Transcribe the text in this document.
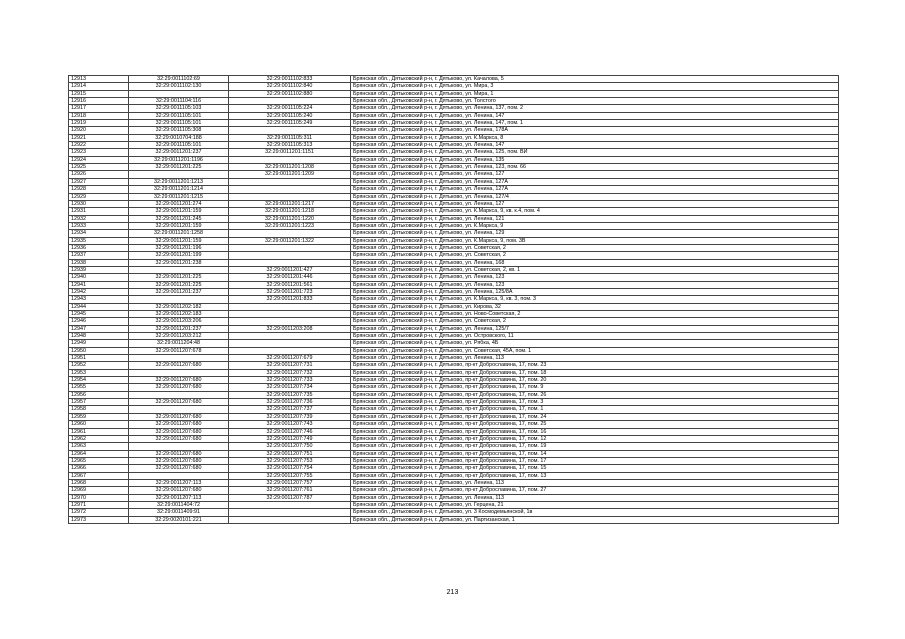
12913	32:29:0011102:69	32:29:0011102:833	Брянская обл., Дятьковский р-н, г. Дятьково, ул. Качалова, 5
12914	32:29:0011102:130	32:29:0011102:840	Брянская обл., Дятьковский р-н, г. Дятьково, ул. Мира, 3
12915		32:29:0011102:880	Брянская обл., Дятьковский р-н, г. Дятьково, ул. Мира, 1
12916	32:29:0011104:116		Брянская обл., Дятьковский р-н, г. Дятьково, ул. Толстого
12917	32:29:0011105:103	32:29:0011105:224	Брянская обл., Дятьковский р-н, г. Дятьково, ул. Ленина, 137, пом. 2
12918	32:29:0011105:101	32:29:0011105:240	Брянская обл., Дятьковский р-н, г. Дятьково, ул. Ленина, 147
12919	32:29:0011105:101	32:29:0011105:249	Брянская обл., Дятьковский р-н, г. Дятьково, ул. Ленина, 147, пом. 1
12920	32:29:0011105:308		Брянская обл., Дятьковский р-н, г. Дятьково, ул. Ленина, 178А
12921	32:29:0010704:188	32:29:0011105:311	Брянская обл., Дятьковский р-н, г. Дятьково, ул. К.Маркса, 8
12922	32:29:0011105:101	32:29:0011105:313	Брянская обл., Дятьковский р-н, г. Дятьково, ул. Ленина, 147
12923	32:29:0011201:237	32:29:0011201:1151	Брянская обл., Дятьковский р-н, г. Дятьково, ул. Ленина, 125, пом. ВИ
12924	32:29:0011201:1196		Брянская обл., Дятьковский р-н, г. Дятьково, ул. Ленина, 135
12925	32:29:0011201:225	32:29:0011201:1208	Брянская обл., Дятьковский р-н, г. Дятьково, ул. Ленина, 123, пом. 66
12926		32:29:0011201:1209	Брянская обл., Дятьковский р-н, г. Дятьково, ул. Ленина, 127
12927	32:29:0011201:1213		Брянская обл., Дятьковский р-н, г. Дятьково, ул. Ленина, 127А
12928	32:29:0011201:1214		Брянская обл., Дятьковский р-н, г. Дятьково, ул. Ленина, 127А
12929	32:29:0011201:1215		Брянская обл., Дятьковский р-н, г. Дятьково, ул. Ленина, 127/4
12930	32:29:0011201:274	32:29:0011201:1217	Брянская обл., Дятьковский р-н, г. Дятьково, ул. Ленина, 127
12931	32:29:0011201:159	32:29:0011201:1218	Брянская обл., Дятьковский р-н, г. Дятьково, ул. К.Маркса, 9, кв. к.4, пом. 4
12932	32:29:0011201:245	32:29:0011201:1220	Брянская обл., Дятьковский р-н, г. Дятьково, ул. Ленина, 121
12933	32:29:0011201:159	32:29:0011201:1223	Брянская обл., Дятьковский р-н, г. Дятьково, ул. К.Маркса, 9
12934	32:29:0011201:1258		Брянская обл., Дятьковский р-н, г. Дятьково, ул. Ленина, 129
12935	32:29:0011201:159	32:29:0011201:1322	Брянская обл., Дятьковский р-н, г. Дятьково, ул. К.Маркса, 9, пом. 3В
12936	32:29:0011201:196		Брянская обл., Дятьковский р-н, г. Дятьково, ул. Советская, 2
12937	32:29:0011201:199		Брянская обл., Дятьковский р-н, г. Дятьково, ул. Советская, 2
12938	32:29:0011201:238		Брянская обл., Дятьковский р-н, г. Дятьково, ул. Ленина, 168
12939		32:29:0011201:427	Брянская обл., Дятьковский р-н, г. Дятьково, ул. Советская, 2, кв. 1
12940	32:29:0011201:225	32:29:0011201:446	Брянская обл., Дятьковский р-н, г. Дятьково, ул. Ленина, 123
12941	32:29:0011201:225	32:29:0011201:561	Брянская обл., Дятьковский р-н, г. Дятьково, ул. Ленина, 123
12942	32:29:0011201:237	32:29:0011201:723	Брянская обл., Дятьковский р-н, г. Дятьково, ул. Ленина, 125/8А
12943		32:29:0011201:833	Брянская обл., Дятьковский р-н, г. Дятьково, ул. К.Маркса, 9, кв. 3, пом. 3
12944	32:29:0011202:182		Брянская обл., Дятьковский р-н, г. Дятьково, ул. Кирова, 32
12945	32:29:0011202:183		Брянская обл., Дятьковский р-н, г. Дятьково, ул. Ново-Советская, 2
12946	32:29:0011203:206		Брянская обл., Дятьковский р-н, г. Дятьково, ул. Советская, 2
12947	32:29:0011201:237	32:29:0011203:208	Брянская обл., Дятьковский р-н, г. Дятьково, ул. Ленина, 125/7
12948	32:29:0011203:212		Брянская обл., Дятьковский р-н, г. Дятьково, ул. Островского, 11
12949	32:29:0011204:48		Брянская обл., Дятьковский р-н, г. Дятьково, ул. Рябка, 4Б
12950	32:29:0011207:678		Брянская обл., Дятьковский р-н, г. Дятьково, ул. Советская, 45А, пом. 1
12951		32:29:0011207:679	Брянская обл., Дятьковский р-н, г. Дятьково, ул. Ленина, 113
12952	32:29:0011207:680	32:29:0011207:731	Брянская обл., Дятьковский р-н, г. Дятьково, пр-кт Доброславина, 17, пом. 23
12953		32:29:0011207:732	Брянская обл., Дятьковский р-н, г. Дятьково, пр-кт Доброславина, 17, пом. 18
12954	32:29:0011207:680	32:29:0011207:733	Брянская обл., Дятьковский р-н, г. Дятьково, пр-кт Доброславина, 17, пом. 20
12955	32:29:0011207:680	32:29:0011207:734	Брянская обл., Дятьковский р-н, г. Дятьково, пр-кт Доброславина, 17, пом. 9
12956		32:29:0011207:735	Брянская обл., Дятьковский р-н, г. Дятьково, пр-кт Доброславина, 17, пом. 26
12957	32:29:0011207:680	32:29:0011207:736	Брянская обл., Дятьковский р-н, г. Дятьково, пр-кт Доброславина, 17, пом. 3
12958		32:29:0011207:737	Брянская обл., Дятьковский р-н, г. Дятьково, пр-кт Доброславина, 17, пом. 1
12959	32:29:0011207:680	32:29:0011207:739	Брянская обл., Дятьковский р-н, г. Дятьково, пр-кт Доброславина, 17, пом. 24
12960	32:29:0011207:680	32:29:0011207:743	Брянская обл., Дятьковский р-н, г. Дятьково, пр-кт Доброславина, 17, пом. 25
12961	32:29:0011207:680	32:29:0011207:746	Брянская обл., Дятьковский р-н, г. Дятьково, пр-кт Доброславина, 17, пом. 16
12962	32:29:0011207:680	32:29:0011207:749	Брянская обл., Дятьковский р-н, г. Дятьково, пр-кт Доброславина, 17, пом. 12
12963		32:29:0011207:750	Брянская обл., Дятьковский р-н, г. Дятьково, пр-кт Доброславина, 17, пом. 19
12964	32:29:0011207:680	32:29:0011207:751	Брянская обл., Дятьковский р-н, г. Дятьково, пр-кт Доброславина, 17, пом. 14
12965	32:29:0011207:680	32:29:0011207:753	Брянская обл., Дятьковский р-н, г. Дятьково, пр-кт Доброславина, 17, пом. 17
12966	32:29:0011207:680	32:29:0011207:754	Брянская обл., Дятьковский р-н, г. Дятьково, пр-кт Доброславина, 17, пом. 15
12967		32:29:0011207:755	Брянская обл., Дятьковский р-н, г. Дятьково, пр-кт Доброславина, 17, пом. 13
12968	32:29:0011207:113	32:29:0011207:757	Брянская обл., Дятьковский р-н, г. Дятьково, ул. Ленина, 113
12969	32:29:0011207:680	32:29:0011207:761	Брянская обл., Дятьковский р-н, г. Дятьково, пр-кт Доброславина, 17, пом. 27
12970	32:29:0011207:113	32:29:0011207:787	Брянская обл., Дятьковский р-н, г. Дятьково, ул. Ленина, 113
12971	32:29:0011404:72		Брянская обл., Дятьковский р-н, г. Дятьково, ул. Герцена, 21
12972	32:29:0011409:91		Брянская обл., Дятьковский р-н, г. Дятьково, ул. 3 Космодемьянской, 1в
12973	32:29:0020101:221		Брянская обл., Дятьковский р-н, г. Дятьково, ул. Партизанская, 1
213
